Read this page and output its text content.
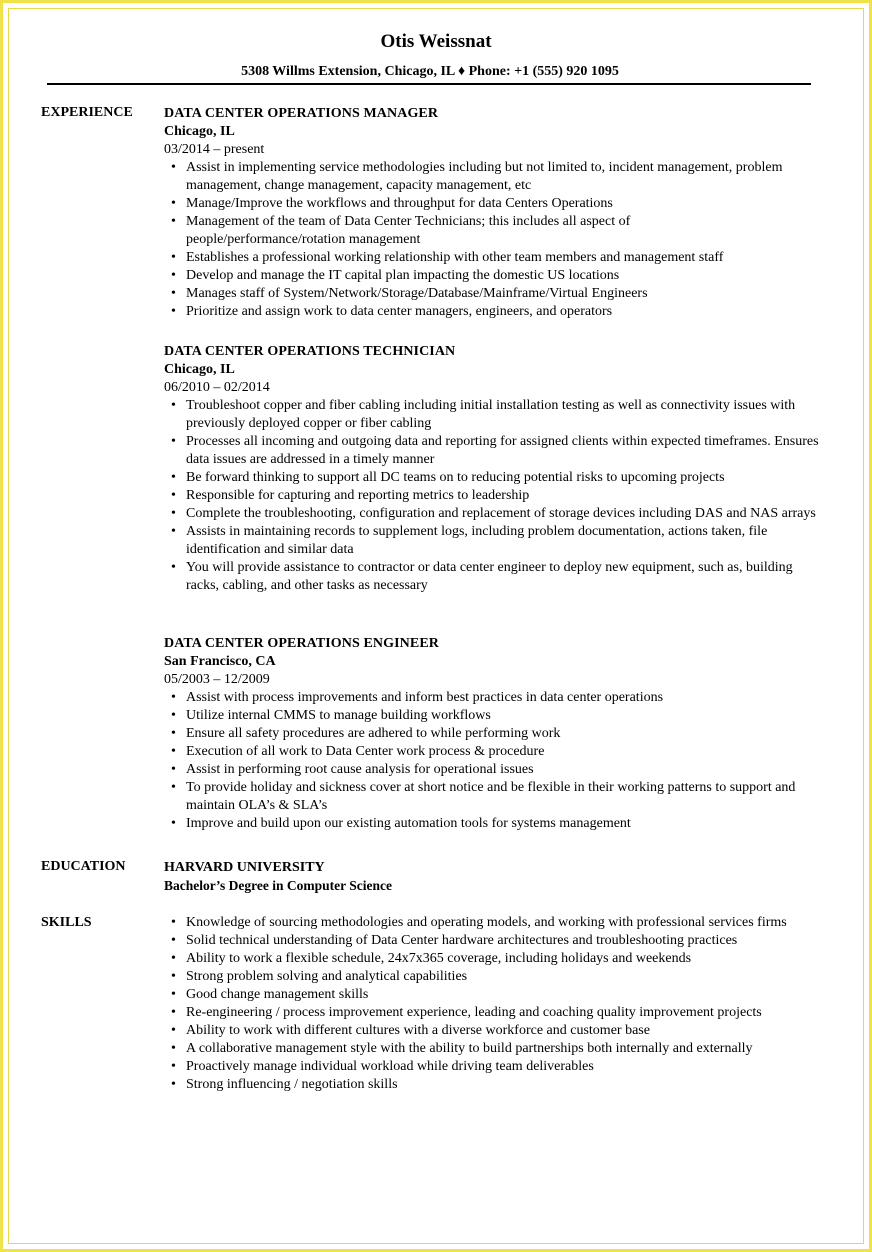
Otis Weissnat
5308 Willms Extension, Chicago, IL ♦ Phone: +1 (555) 920 1095
EXPERIENCE DATA CENTER OPERATIONS MANAGER
Chicago, IL
03/2014 – present
• Assist in implementing service methodologies including but not limited to, incident management, problem management, change management, capacity management, etc
• Manage/Improve the workflows and throughput for data Centers Operations
• Management of the team of Data Center Technicians; this includes all aspect of people/performance/rotation management
• Establishes a professional working relationship with other team members and management staff
• Develop and manage the IT capital plan impacting the domestic US locations
• Manages staff of System/Network/Storage/Database/Mainframe/Virtual Engineers
• Prioritize and assign work to data center managers, engineers, and operators
DATA CENTER OPERATIONS TECHNICIAN
Chicago, IL
06/2010 – 02/2014
• Troubleshoot copper and fiber cabling including initial installation testing as well as connectivity issues with previously deployed copper or fiber cabling
• Processes all incoming and outgoing data and reporting for assigned clients within expected timeframes. Ensures data issues are addressed in a timely manner
• Be forward thinking to support all DC teams on to reducing potential risks to upcoming projects
• Responsible for capturing and reporting metrics to leadership
• Complete the troubleshooting, configuration and replacement of storage devices including DAS and NAS arrays
• Assists in maintaining records to supplement logs, including problem documentation, actions taken, file identification and similar data
• You will provide assistance to contractor or data center engineer to deploy new equipment, such as, building racks, cabling, and other tasks as necessary
DATA CENTER OPERATIONS ENGINEER
San Francisco, CA
05/2003 – 12/2009
• Assist with process improvements and inform best practices in data center operations
• Utilize internal CMMS to manage building workflows
• Ensure all safety procedures are adhered to while performing work
• Execution of all work to Data Center work process & procedure
• Assist in performing root cause analysis for operational issues
• To provide holiday and sickness cover at short notice and be flexible in their working patterns to support and maintain OLA’s & SLA’s
• Improve and build upon our existing automation tools for systems management
EDUCATION	HARVARD UNIVERSITY
Bachelor’s Degree in Computer Science
SKILLS
•	Knowledge of sourcing methodologies and operating models, and working with professional services firms
• Solid technical understanding of Data Center hardware architectures and troubleshooting practices
• Ability to work a flexible schedule, 24x7x365 coverage, including holidays and weekends
• Strong problem solving and analytical capabilities
• Good change management skills
• Re-engineering / process improvement experience, leading and coaching quality improvement projects
• Ability to work with different cultures with a diverse workforce and customer base
• A collaborative management style with the ability to build partnerships both internally and externally
• Proactively manage individual workload while driving team deliverables
• Strong influencing / negotiation skills
